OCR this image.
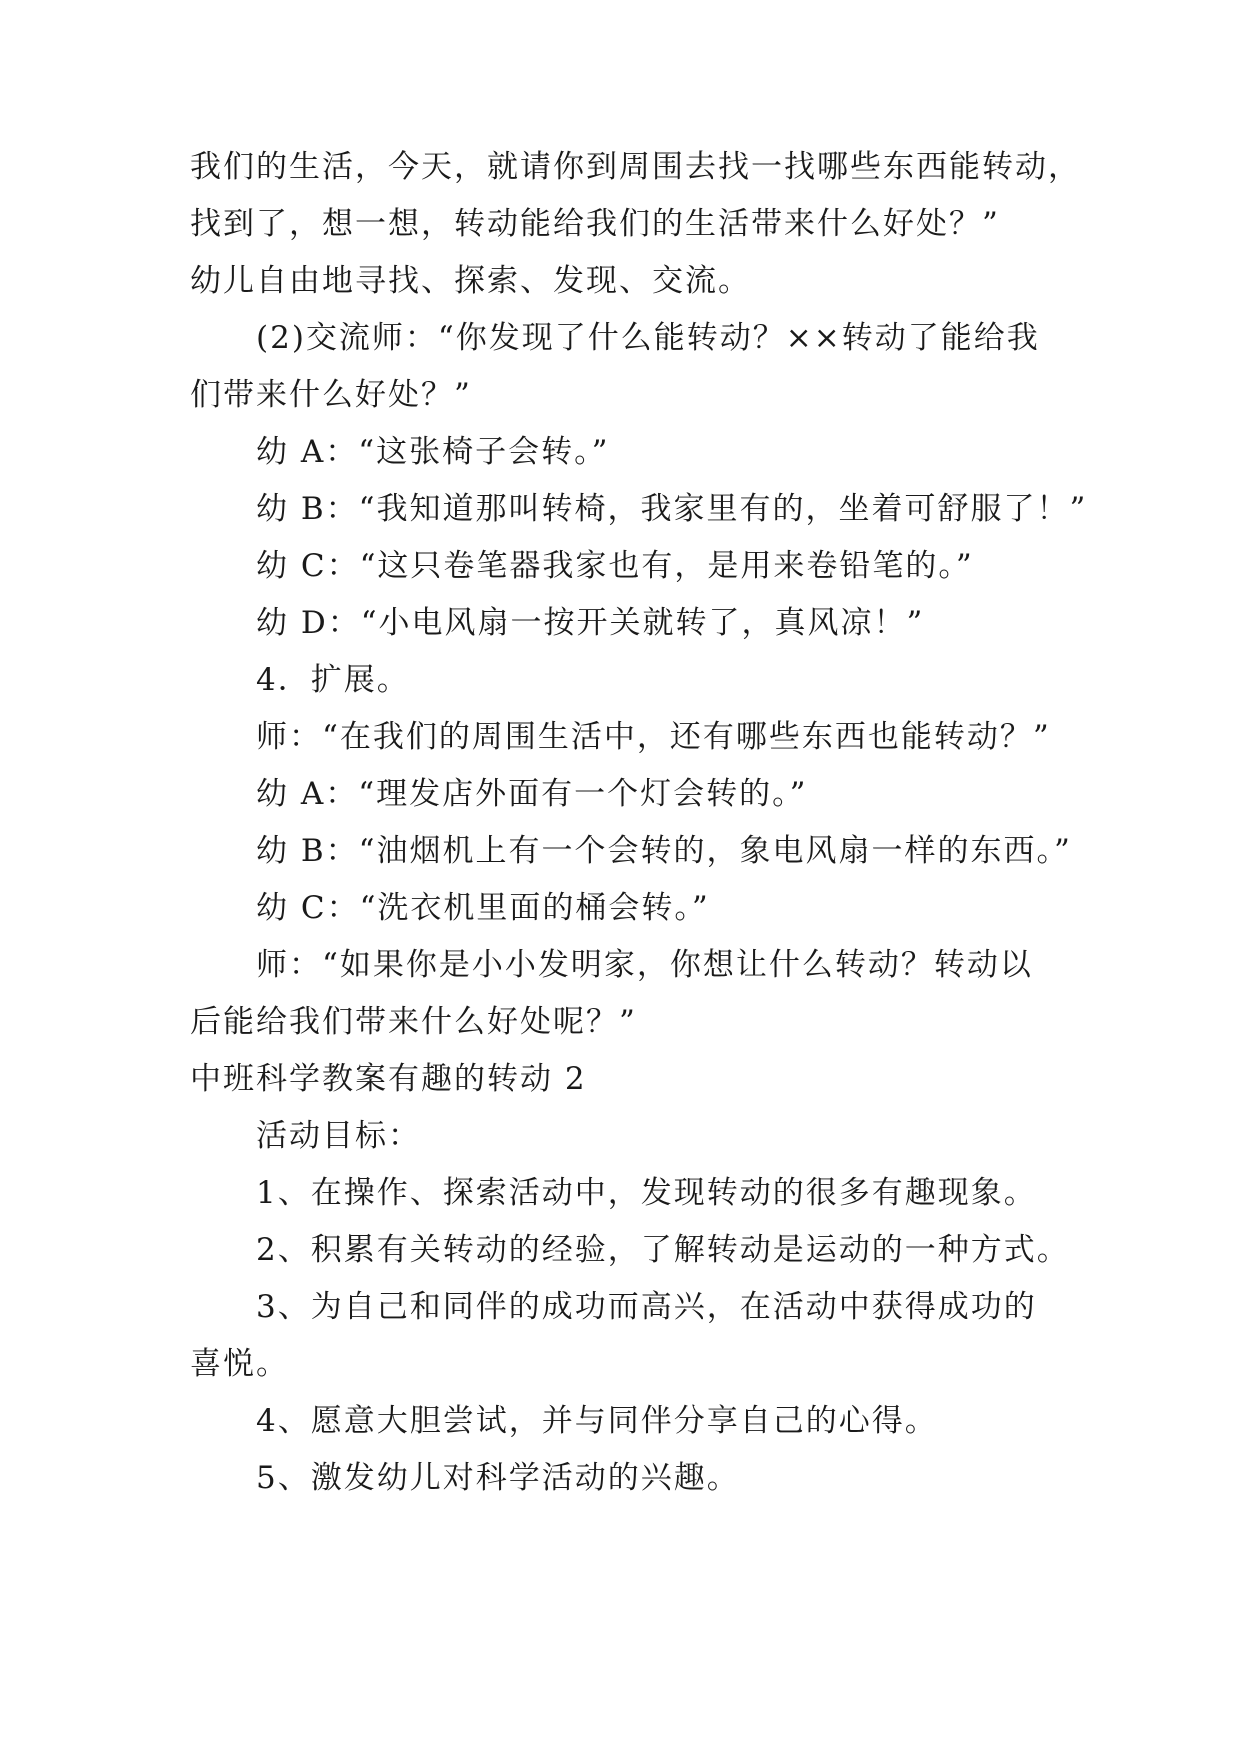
我们的生活，今天，就请你到周围去找一找哪些东西能转动，
找到了，想一想，转动能给我们的生活带来什么好处？”
幼儿自由地寻找、探索、发现、交流。
(2)交流师：“你发现了什么能转动？××转动了能给我
们带来什么好处？”
幼 A：“这张椅子会转。”
幼 B：“我知道那叫转椅，我家里有的，坐着可舒服了！”
幼 C：“这只卷笔器我家也有，是用来卷铅笔的。”
幼 D：“小电风扇一按开关就转了，真风凉！”
4．扩展。
师：“在我们的周围生活中，还有哪些东西也能转动？”
幼 A：“理发店外面有一个灯会转的。”
幼 B：“油烟机上有一个会转的，象电风扇一样的东西。”
幼 C：“洗衣机里面的桶会转。”
师：“如果你是小小发明家，你想让什么转动？转动以
后能给我们带来什么好处呢？”
中班科学教案有趣的转动 2
活动目标：
1、在操作、探索活动中，发现转动的很多有趣现象。
2、积累有关转动的经验，了解转动是运动的一种方式。
3、为自己和同伴的成功而高兴，在活动中获得成功的
喜悦。
4、愿意大胆尝试，并与同伴分享自己的心得。
5、激发幼儿对科学活动的兴趣。
